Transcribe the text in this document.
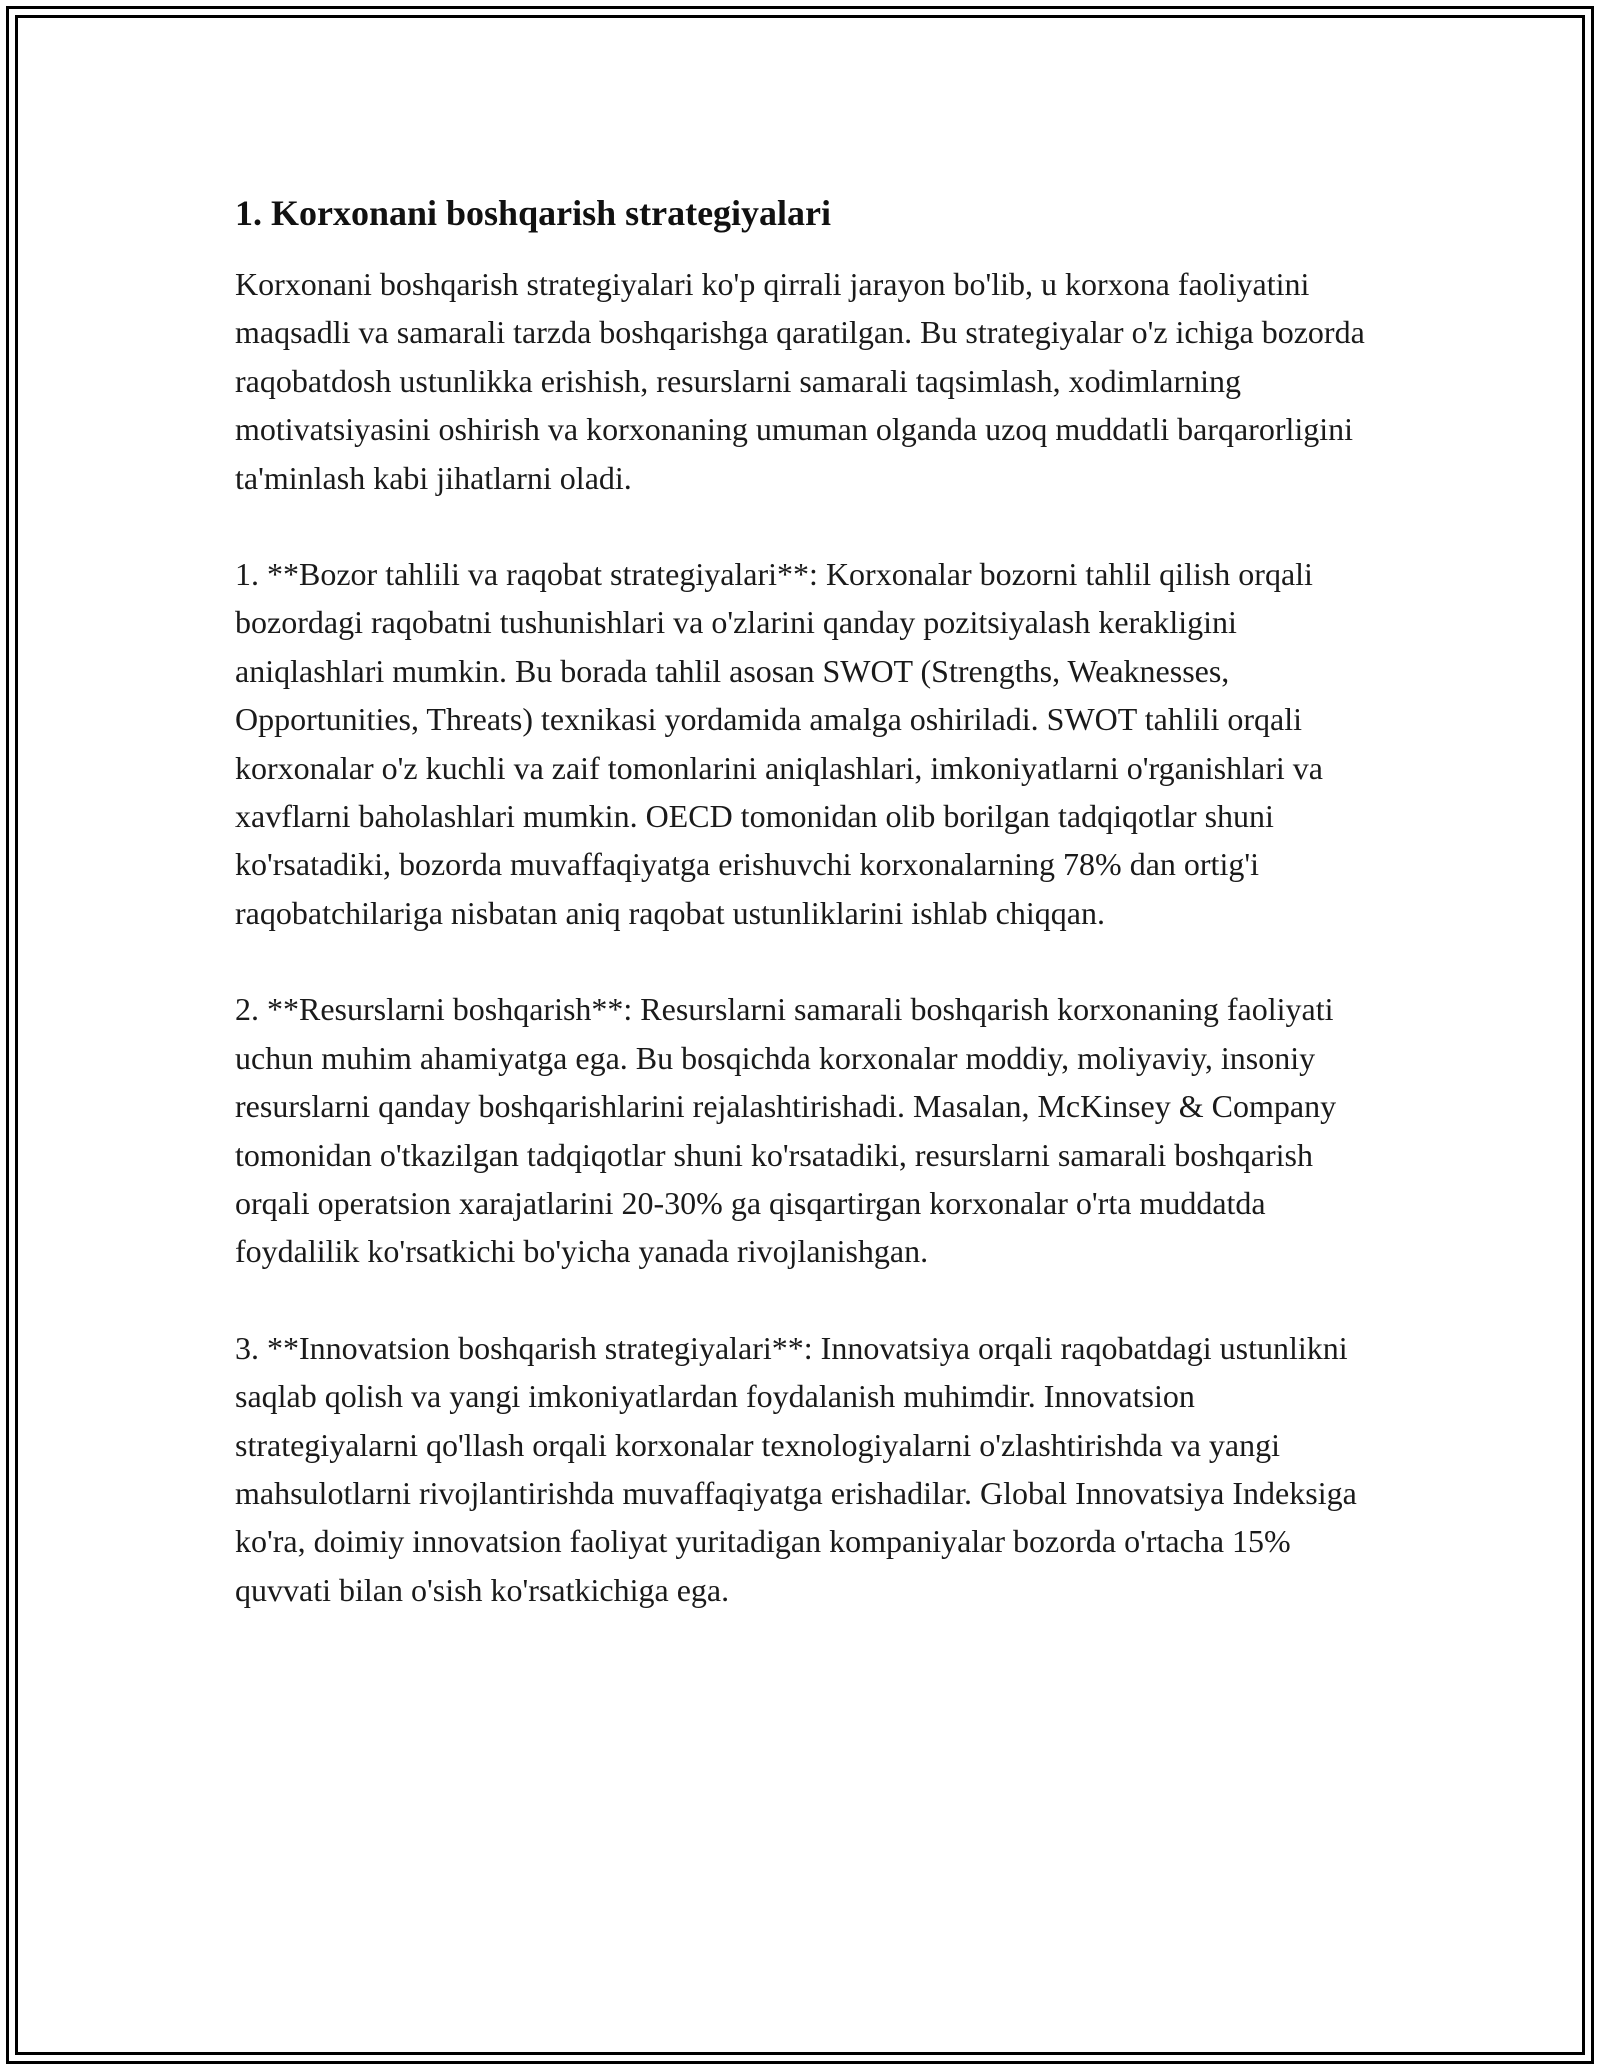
1. Korxonani boshqarish strategiyalari

Korxonani boshqarish strategiyalari ko'p qirrali jarayon bo'lib, u korxona faoliyatini maqsadli va samarali tarzda boshqarishga qaratilgan. Bu strategiyalar o'z ichiga bozorda raqobatdosh ustunlikka erishish, resurslarni samarali taqsimlash, xodimlarning motivatsiyasini oshirish va korxonaning umuman olganda uzoq muddatli barqarorligini ta'minlash kabi jihatlarni oladi.

1. **Bozor tahlili va raqobat strategiyalari**: Korxonalar bozorni tahlil qilish orqali bozordagi raqobatni tushunishlari va o'zlarini qanday pozitsiyalash kerakligini aniqlashlari mumkin. Bu borada tahlil asosan SWOT (Strengths, Weaknesses, Opportunities, Threats) texnikasi yordamida amalga oshiriladi. SWOT tahlili orqali korxonalar o'z kuchli va zaif tomonlarini aniqlashlari, imkoniyatlarni o'rganishlari va xavflarni baholashlari mumkin. OECD tomonidan olib borilgan tadqiqotlar shuni ko'rsatadiki, bozorda muvaffaqiyatga erishuvchi korxonalarning 78% dan ortig'i raqobatchilariga nisbatan aniq raqobat ustunliklarini ishlab chiqqan.

2. **Resurslarni boshqarish**: Resurslarni samarali boshqarish korxonaning faoliyati uchun muhim ahamiyatga ega. Bu bosqichda korxonalar moddiy, moliyaviy, insoniy resurslarni qanday boshqarishlarini rejalashtirishadi. Masalan, McKinsey & Company tomonidan o'tkazilgan tadqiqotlar shuni ko'rsatadiki, resurslarni samarali boshqarish orqali operatsion xarajatlarini 20-30% ga qisqartirgan korxonalar o'rta muddatda foydalilik ko'rsatkichi bo'yicha yanada rivojlanishgan.

3. **Innovatsion boshqarish strategiyalari**: Innovatsiya orqali raqobatdagi ustunlikni saqlab qolish va yangi imkoniyatlardan foydalanish muhimdir. Innovatsion strategiyalarni qo'llash orqali korxonalar texnologiyalarni o'zlashtirishda va yangi mahsulotlarni rivojlantirishda muvaffaqiyatga erishadilar. Global Innovatsiya Indeksiga ko'ra, doimiy innovatsion faoliyat yuritadigan kompaniyalar bozorda o'rtacha 15% quvvati bilan o'sish ko'rsatkichiga ega.
